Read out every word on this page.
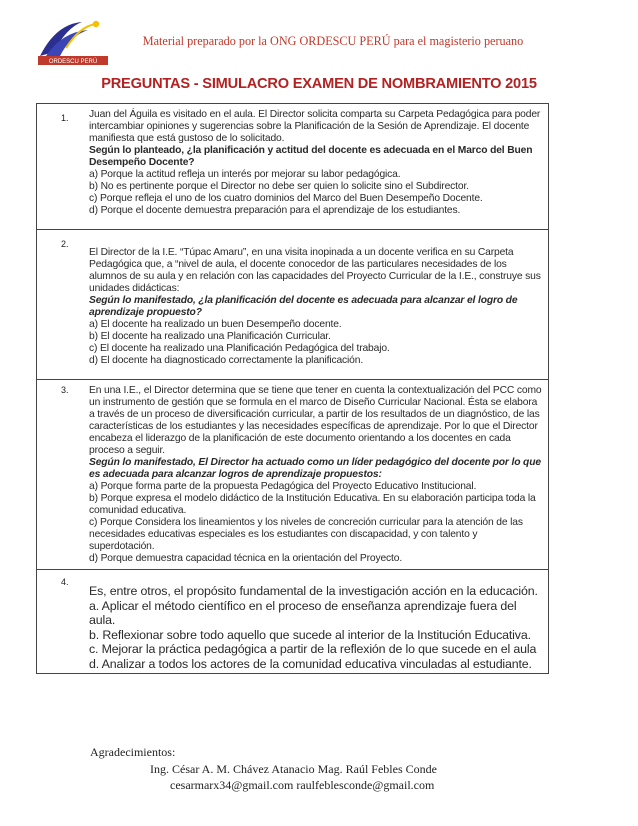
ORDESCU PERÚ
Material preparado por la ONG ORDESCU PERÚ para el magisterio peruano
PREGUNTAS - SIMULACRO EXAMEN DE NOMBRAMIENTO 2015
1. Juan del Águila es visitado en el aula. El Director solicita comparta su Carpeta Pedagógica para poder intercambiar opiniones y sugerencias sobre la Planificación de la Sesión de Aprendizaje. El docente manifiesta que está gustoso de lo solicitado.

Según lo planteado, ¿la planificación y actitud del docente es adecuada en el Marco del Buen Desempeño Docente?

a) Porque la actitud refleja un interés por mejorar su labor pedagógica.

b) No es pertinente porque el Director no debe ser quien lo solicite sino el Subdirector.

c) Porque refleja el uno de los cuatro dominios del Marco del Buen Desempeño Docente.

d) Porque el docente demuestra preparación para el aprendizaje de los estudiantes.

2.

El Director de la I.E. “Túpac Amaru”, en una visita inopinada a un docente verifica en su Carpeta Pedagógica que, a “nivel de aula, el docente conocedor de las particulares necesidades de los alumnos de su aula y en relación con las capacidades del Proyecto Curricular de la I.E., construye sus unidades didácticas:

Según lo manifestado, ¿la planificación del docente es adecuada para alcanzar el logro de aprendizaje propuesto?

a) El docente ha realizado un buen Desempeño docente.

b) El docente ha realizado una Planificación Curricular.

c) El docente ha realizado una Planificación Pedagógica del trabajo.

d) El docente ha diagnosticado correctamente la planificación.

3. En una I.E., el Director determina que se tiene que tener en cuenta la contextualización del PCC como un instrumento de gestión que se formula en el marco de Diseño Curricular Nacional. Ésta se elabora a través de un proceso de diversificación curricular, a partir de los resultados de un diagnóstico, de las características de los estudiantes y las necesidades específicas de aprendizaje. Por lo que el Director encabeza el liderazgo de la planificación de este documento orientando a los docentes en cada proceso a seguir.

Según lo manifestado, El Director ha actuado como un líder pedagógico del docente por lo que es adecuada para alcanzar logros de aprendizaje propuestos:

a) Porque forma parte de la propuesta Pedagógica del Proyecto Educativo Institucional.

b) Porque expresa el modelo didáctico de la Institución Educativa. En su elaboración participa toda la comunidad educativa.

c) Porque Considera los lineamientos y los niveles de concreción curricular para la atención de las necesidades educativas especiales es los estudiantes con discapacidad, y con talento y superdotación.

d) Porque demuestra capacidad técnica en la orientación del Proyecto.

4.

Es, entre otros, el propósito fundamental de la investigación acción en la educación.

a. Aplicar el método científico en el proceso de enseñanza aprendizaje fuera del aula.

b. Reflexionar sobre todo aquello que sucede al interior de la Institución Educativa.

c. Mejorar la práctica pedagógica a partir de la reflexión de lo que sucede en el aula

d. Analizar a todos los actores de la comunidad educativa vinculadas al estudiante.

Agradecimientos:
Ing. César A. M. Chávez Atanacio Mag. Raúl Febles Conde
cesarmarx34@gmail.com raulfeblesconde@gmail.com
